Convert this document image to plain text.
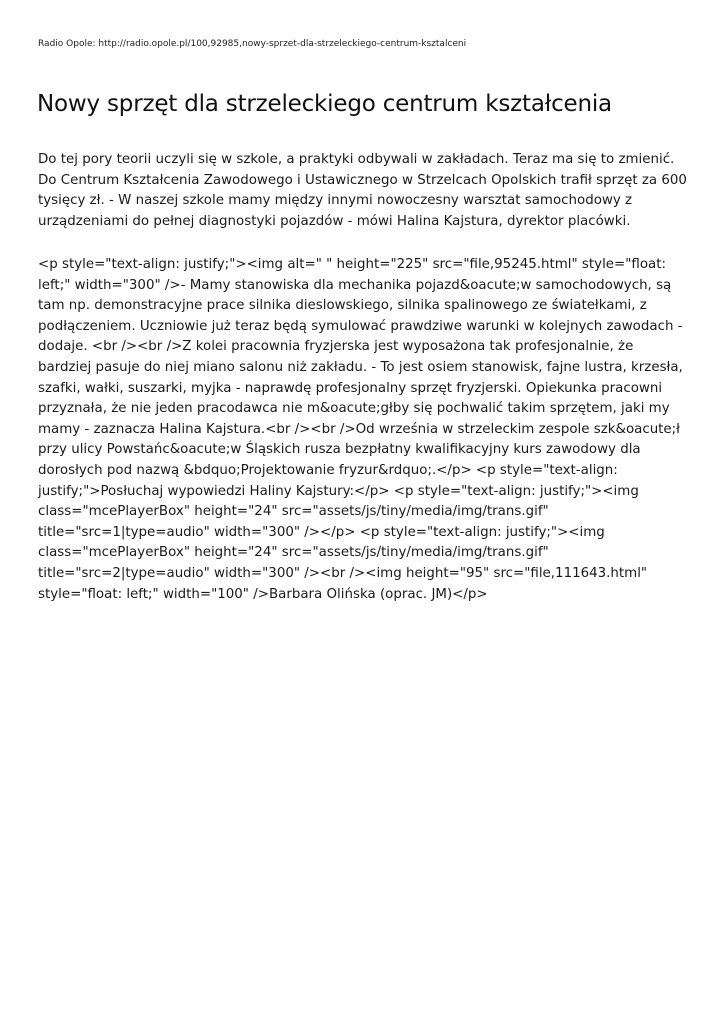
Radio Opole: http://radio.opole.pl/100,92985,nowy-sprzet-dla-strzeleckiego-centrum-ksztalceni
Nowy sprzęt dla strzeleckiego centrum kształcenia

Do tej pory teorii uczyli się w szkole, a praktyki odbywali w zakładach. Teraz ma się to zmienić. Do Centrum Kształcenia Zawodowego i Ustawicznego w Strzelcach Opolskich trafił sprzęt za 600 tysięcy zł. - W naszej szkole mamy między innymi nowoczesny warsztat samochodowy z urządzeniami do pełnej diagnostyki pojazdów - mówi Halina Kajstura, dyrektor placówki.

<p style="text-align: justify;"><img alt=" " height="225" src="file,95245.html" style="float: left;" width="300" />- Mamy stanowiska dla mechanika pojazd&oacute;w samochodowych, są tam np. demonstracyjne prace silnika dieslowskiego, silnika spalinowego ze światełkami, z podłączeniem. Uczniowie już teraz będą symulować prawdziwe warunki w kolejnych zawodach - dodaje. <br /><br />Z kolei pracownia fryzjerska jest wyposażona tak profesjonalnie, że bardziej pasuje do niej miano salonu niż zakładu. - To jest osiem stanowisk, fajne lustra, krzesła, szafki, wałki, suszarki, myjka - naprawdę profesjonalny sprzęt fryzjerski. Opiekunka pracowni przyznała, że nie jeden pracodawca nie m&oacute;głby się pochwalić takim sprzętem, jaki my mamy - zaznacza Halina Kajstura.<br /><br />Od września w strzeleckim zespole szk&oacute;ł przy ulicy Powstańc&oacute;w Śląskich rusza bezpłatny kwalifikacyjny kurs zawodowy dla dorosłych pod nazwą &bdquo;Projektowanie fryzur&rdquo;.</p> <p style="text-align: justify;">Posłuchaj wypowiedzi Haliny Kajstury:</p> <p style="text-align: justify;"><img class="mcePlayerBox" height="24" src="assets/js/tiny/media/img/trans.gif" title="src=1|type=audio" width="300" /></p> <p style="text-align: justify;"><img class="mcePlayerBox" height="24" src="assets/js/tiny/media/img/trans.gif" title="src=2|type=audio" width="300" /><br /><img height="95" src="file,111643.html" style="float: left;" width="100" />Barbara Olińska (oprac. JM)</p>
